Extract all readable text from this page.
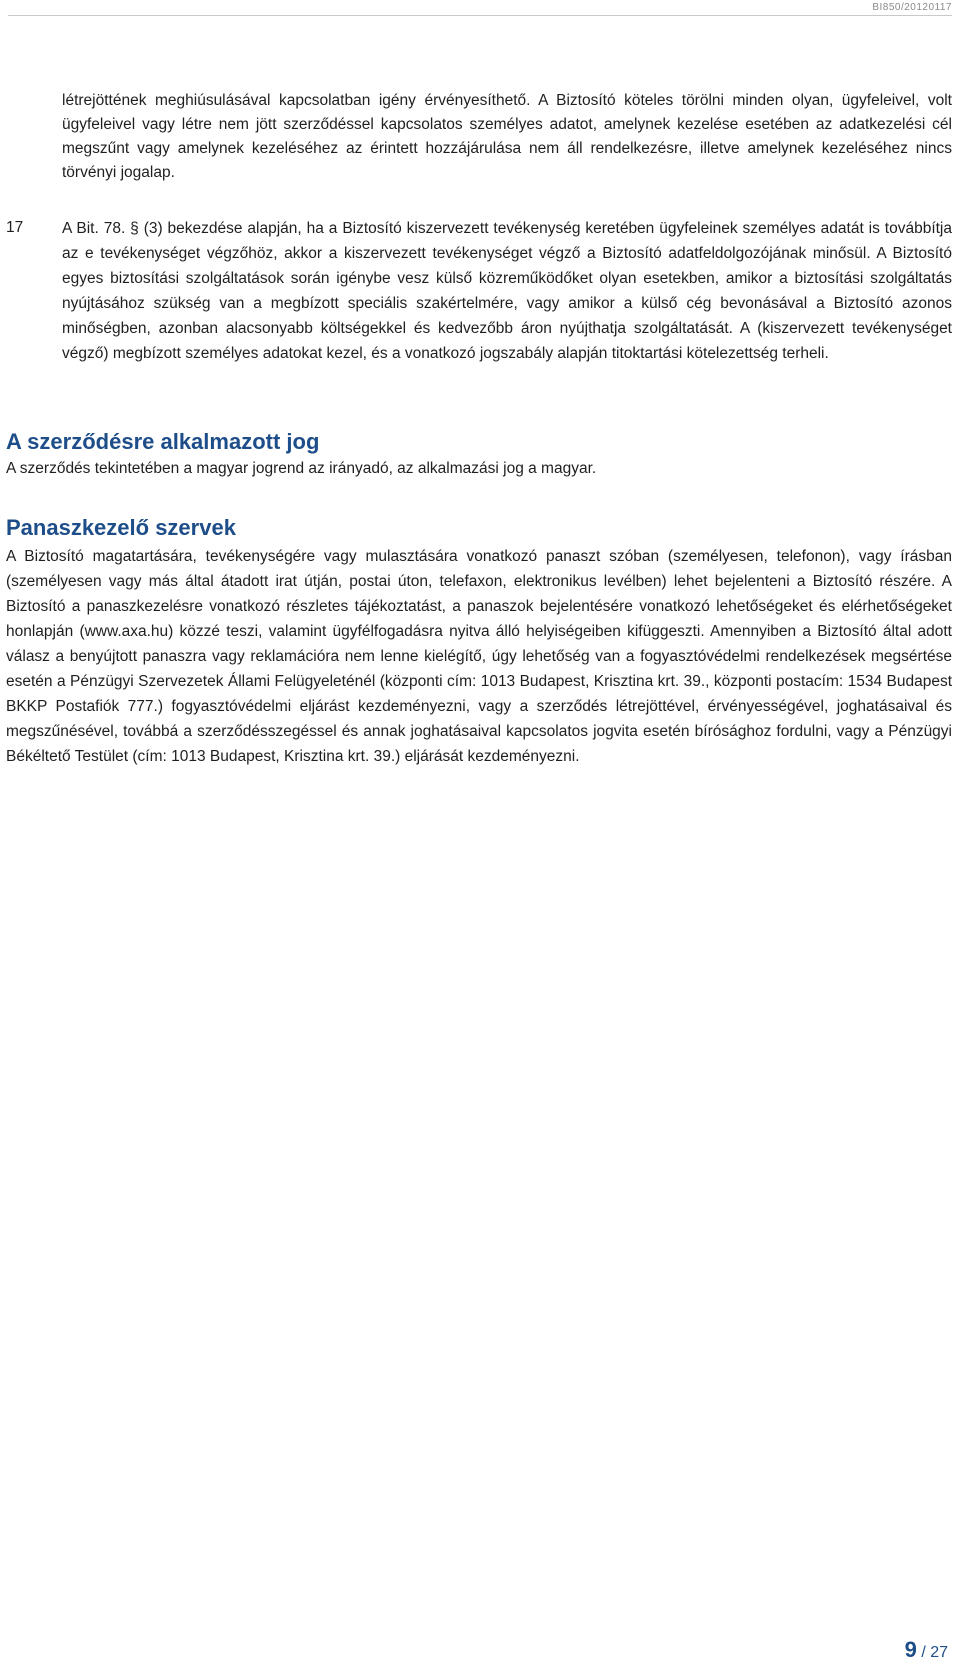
BI850/20120117

létrejöttének meghiúsulásával kapcsolatban igény érvényesíthető. A Biztosító köteles törölni minden olyan, ügyfeleivel, volt ügyfeleivel vagy létre nem jött szerződéssel kapcsolatos személyes adatot, amelynek kezelése esetében az adatkezelési cél megszűnt vagy amelynek kezeléséhez az érintett hozzájárulása nem áll rendelkezésre, illetve amelynek kezeléséhez nincs törvényi jogalap.

17	A Bit. 78. § (3) bekezdése alapján, ha a Biztosító kiszervezett tevékenység keretében ügyfeleinek személyes adatát is továbbítja az e tevékenységet végzőhöz, akkor a kiszervezett tevékenységet végző a Biztosító adatfeldolgozójának minősül. A Biztosító egyes biztosítási szolgáltatások során igénybe vesz külső közreműködőket olyan esetekben, amikor a biztosítási szolgáltatás nyújtásához szükség van a megbízott speciális szakértelmére, vagy amikor a külső cég bevonásával a Biztosító azonos minőségben, azonban alacsonyabb költségekkel és kedvezőbb áron nyújthatja szolgáltatását. A (kiszervezett tevékenységet végző) megbízott személyes adatokat kezel, és a vonatkozó jogszabály alapján titoktartási kötelezettség terheli.

A szerződésre alkalmazott jog

A szerződés tekintetében a magyar jogrend az irányadó, az alkalmazási jog a magyar.

Panaszkezelő szervek

A Biztosító magatartására, tevékenységére vagy mulasztására vonatkozó panaszt szóban (személyesen, telefonon), vagy írásban (személyesen vagy más által átadott irat útján, postai úton, telefaxon, elektronikus levélben) lehet bejelenteni a Biztosító részére. A Biztosító a panaszkezelésre vonatkozó részletes tájékoztatást, a panaszok bejelentésére vonatkozó lehetőségeket és elérhetőségeket honlapján (www.axa.hu) közzé teszi, valamint ügyfélfogadásra nyitva álló helyiségeiben kifüggeszti. Amennyiben a Biztosító által adott válasz a benyújtott panaszra vagy reklamációra nem lenne kielégítő, úgy lehetőség van a fogyasztóvédelmi rendelkezések megsértése esetén a Pénzügyi Szervezetek Állami Felügyeleténél (központi cím: 1013 Budapest, Krisztina krt. 39., központi postacím: 1534 Budapest BKKP Postafiók 777.) fogyasztóvédelmi eljárást kezdeményezni, vagy a szerződés létrejöttével, érvényességével, joghatásaival és megszűnésével, továbbá a szerződésszegéssel és annak joghatásaival kapcsolatos jogvita esetén bírósághoz fordulni, vagy a Pénzügyi Békéltető Testület (cím: 1013 Budapest, Krisztina krt. 39.) eljárását kezdeményezni.

9 / 27
